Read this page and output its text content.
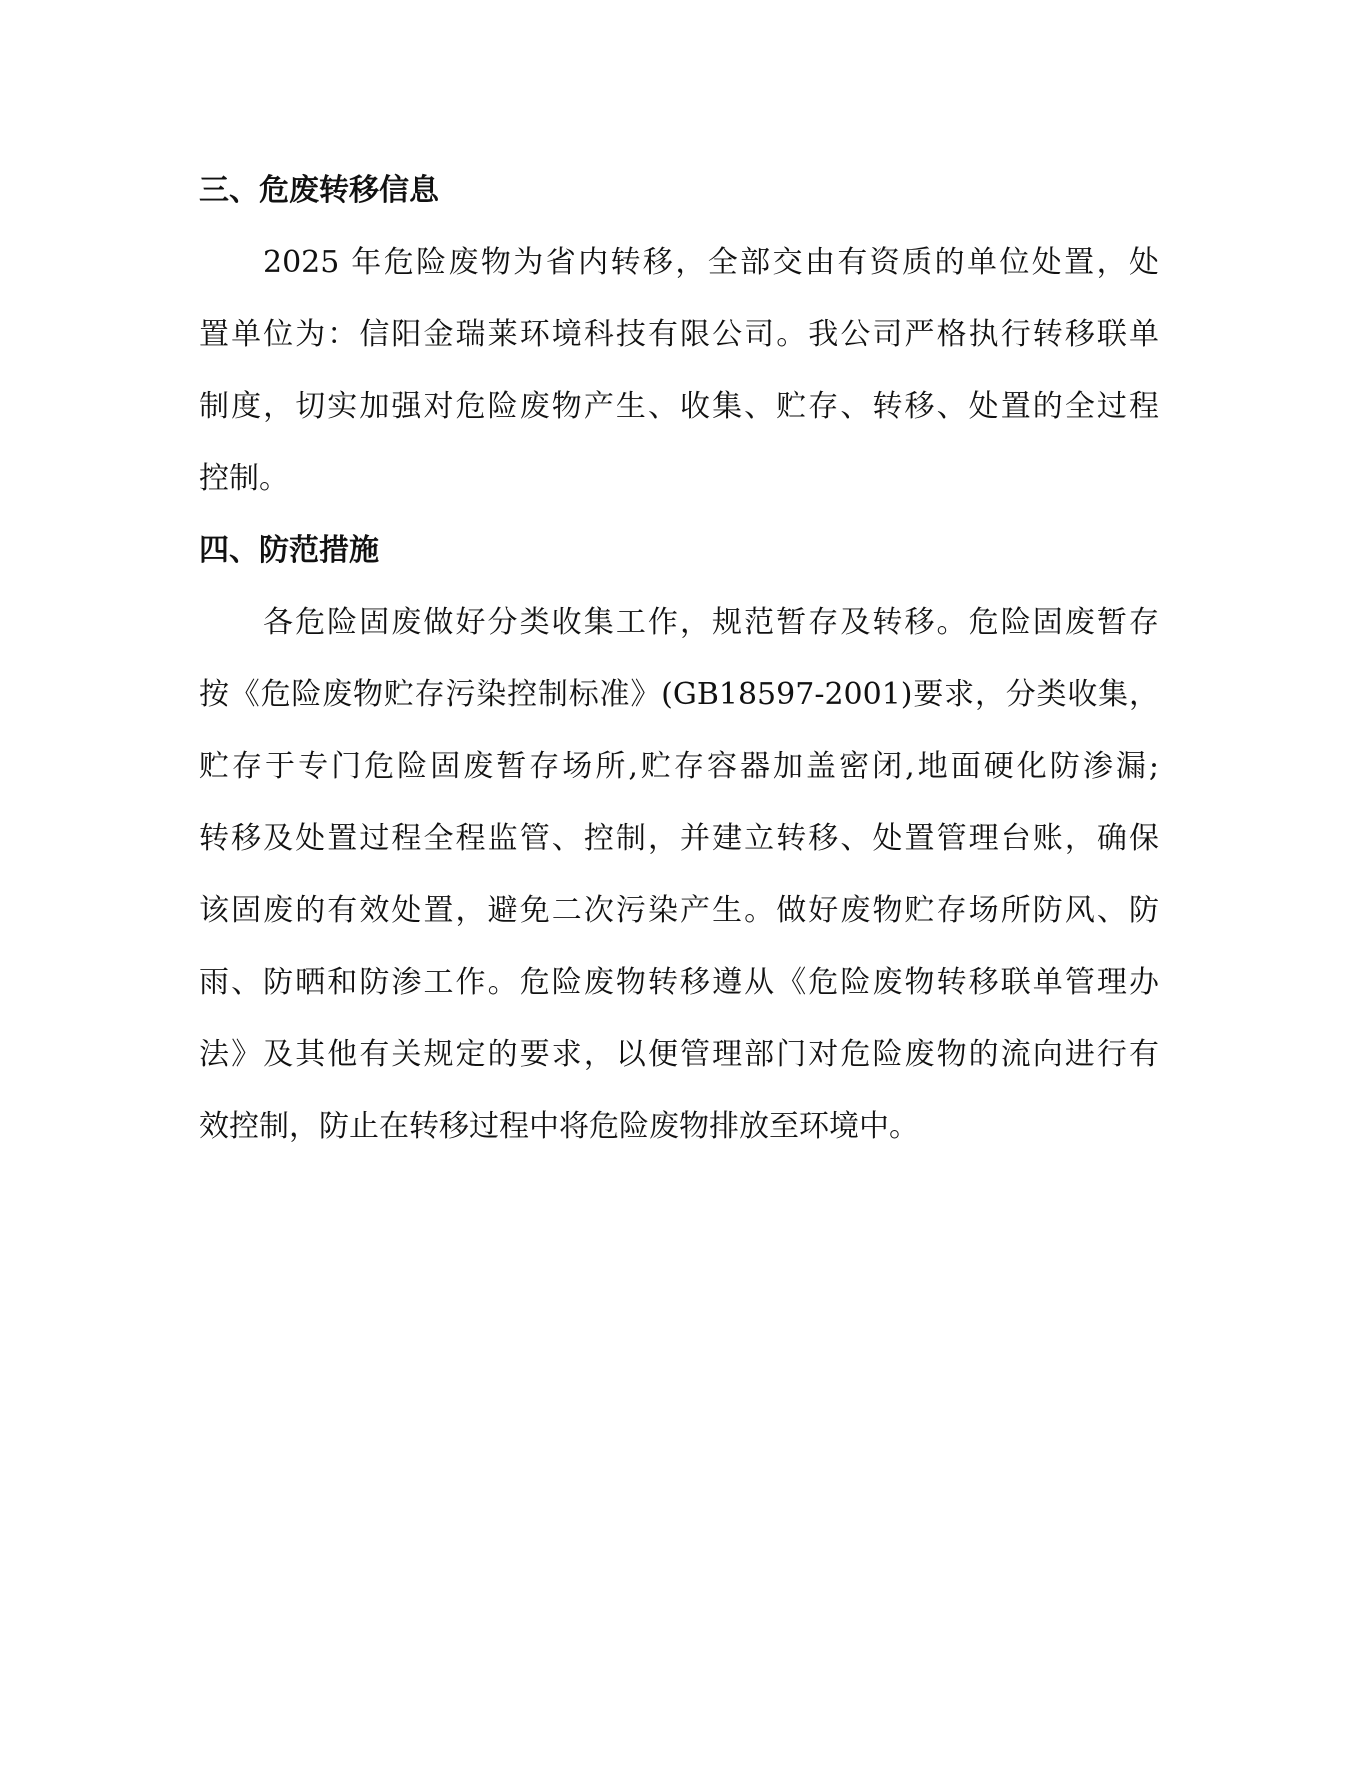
三、危废转移信息
2025 年危险废物为省内转移，全部交由有资质的单位处置，处
置单位为：信阳金瑞莱环境科技有限公司。我公司严格执行转移联单
制度，切实加强对危险废物产生、收集、贮存、转移、处置的全过程
控制。
四、防范措施
各危险固废做好分类收集工作，规范暂存及转移。危险固废暂存
按《危险废物贮存污染控制标准》(GB18597-2001)要求，分类收集，
贮存于专门危险固废暂存场所,贮存容器加盖密闭,地面硬化防渗漏;
转移及处置过程全程监管、控制，并建立转移、处置管理台账，确保
该固废的有效处置，避免二次污染产生。做好废物贮存场所防风、防
雨、防晒和防渗工作。危险废物转移遵从《危险废物转移联单管理办
法》及其他有关规定的要求，以便管理部门对危险废物的流向进行有
效控制，防止在转移过程中将危险废物排放至环境中。
